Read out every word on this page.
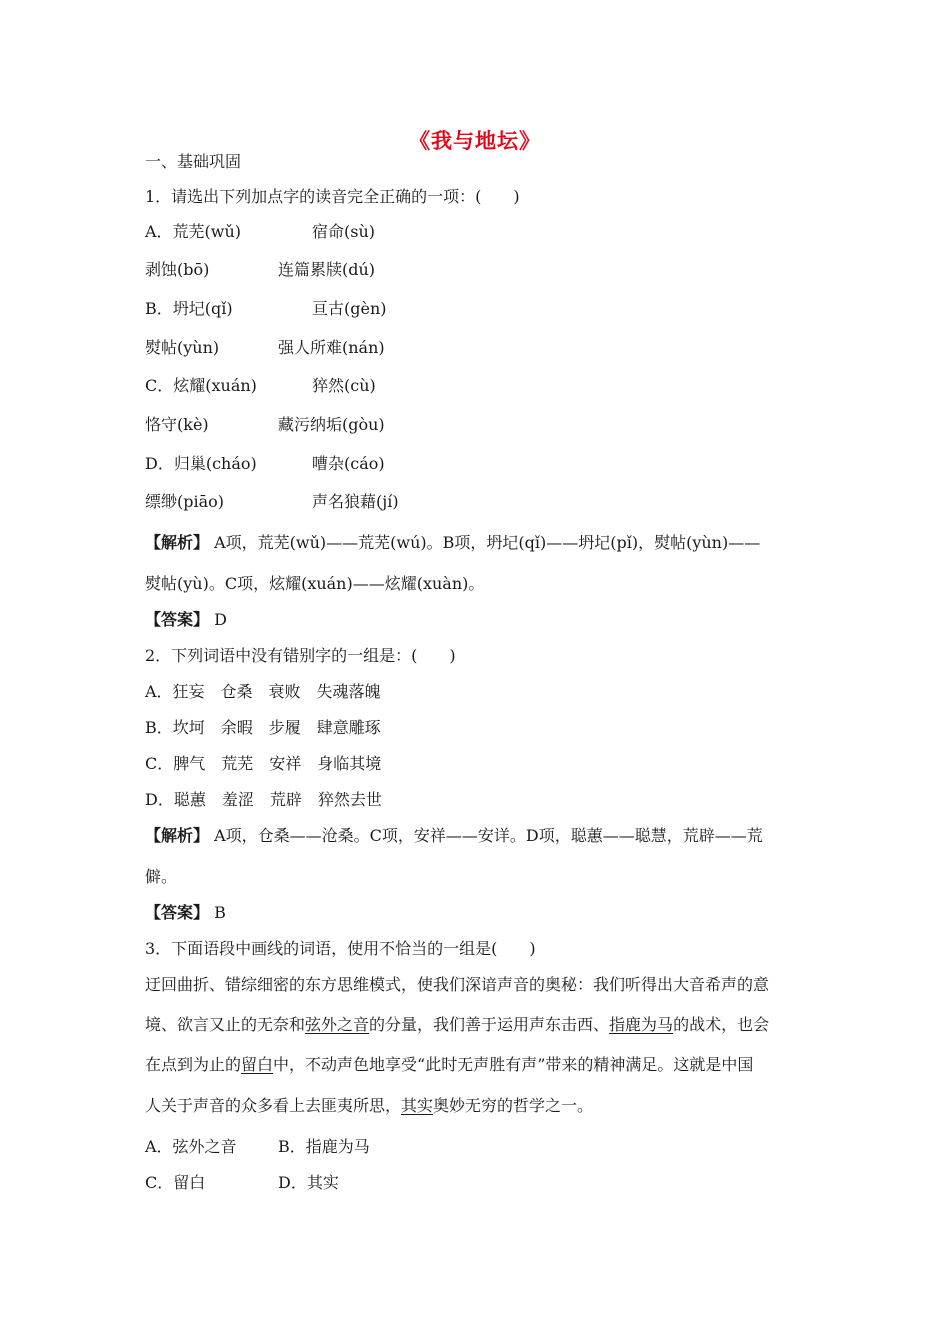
《我与地坛》
一、基础巩固
1．请选出下列加点字的读音完全正确的一项：(　　)
A．荒芜(wǔ)	宿命(sù)
剥蚀(bō)	连篇累牍(dú)
B．坍圮(qǐ)	亘古(gèn)
熨帖(yùn)	强人所难(nán)
C．炫耀(xuán)	猝然(cù)
恪守(kè)	藏污纳垢(gòu)
D．归巢(cháo)	嘈杂(cáo)
缥缈(piāo)	声名狼藉(jí)
【解析】 A项，荒芜(wǔ)——荒芜(wú)。B项，坍圮(qǐ)——坍圮(pǐ)，熨帖(yùn)——
熨帖(yù)。C项，炫耀(xuán)——炫耀(xuàn)。
【答案】 D
2．下列词语中没有错别字的一组是：(　　)
A．狂妄　仓桑　衰败　失魂落魄
B．坎坷　余暇　步履　肆意雕琢
C．脾气　荒芜　安祥　身临其境
D．聪蕙　羞涩　荒辟　猝然去世
【解析】 A项，仓桑——沧桑。C项，安祥——安详。D项，聪蕙——聪慧，荒辟——荒
僻。
【答案】 B
3．下面语段中画线的词语，使用不恰当的一组是(　　)
迂回曲折、错综细密的东方思维模式，使我们深谙声音的奥秘：我们听得出大音希声的意
境、欲言又止的无奈和弦外之音的分量，我们善于运用声东击西、指鹿为马的战术，也会
在点到为止的留白中，不动声色地享受“此时无声胜有声”带来的精神满足。这就是中国
人关于声音的众多看上去匪夷所思，其实奥妙无穷的哲学之一。
A．弦外之音	B．指鹿为马
C．留白	D．其实
